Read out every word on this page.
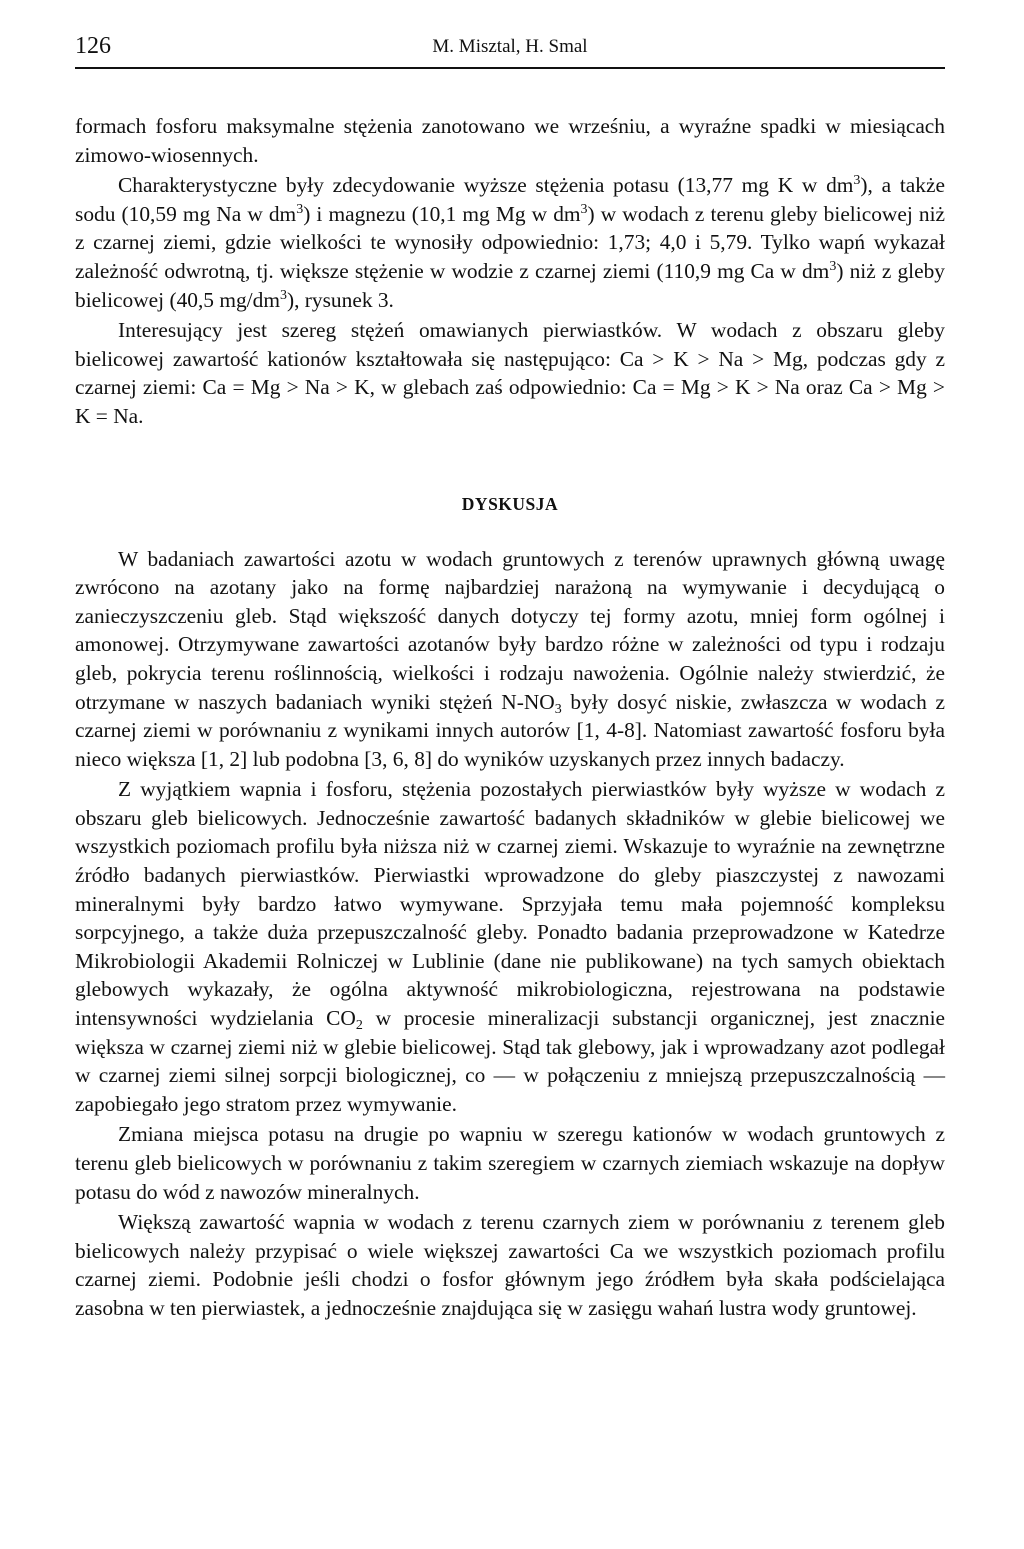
126	M. Misztal, H. Smal

formach fosforu maksymalne stężenia zanotowano we wrześniu, a wyraźne spadki w miesiącach zimowo-wiosennych.

Charakterystyczne były zdecydowanie wyższe stężenia potasu (13,77 mg K w $dm^3$), a także sodu (10,59 mg Na w $dm^3$) i magnezu (10,1 mg Mg w $dm^3$) w wodach z terenu gleby bielicowej niż z czarnej ziemi, gdzie wielkości te wynosiły odpowiednio: 1,73; 4,0 i 5,79. Tylko wapń wykazał zależność odwrotną, tj. większe stężenie w wodzie z czarnej ziemi (110,9 mg Ca w $dm^3$) niż z gleby bielicowej (40,5 $mg/dm^3$), rysunek 3.

Interesujący jest szereg stężeń omawianych pierwiastków. W wodach z obszaru gleby bielicowej zawartość kationów kształtowała się następująco: Ca > K > Na > Mg, podczas gdy z czarnej ziemi: Ca = Mg > Na > K, w glebach zaś odpowiednio: Ca = Mg > K > Na oraz Ca > Mg > K = Na.

DYSKUSJA

W badaniach zawartości azotu w wodach gruntowych z terenów uprawnych główną uwagę zwrócono na azotany jako na formę najbardziej narażoną na wymywanie i decydującą o zanieczyszczeniu gleb. Stąd większość danych dotyczy tej formy azotu, mniej form ogólnej i amonowej. Otrzymywane zawartości azotanów były bardzo różne w zależności od typu i rodzaju gleb, pokrycia terenu roślinnością, wielkości i rodzaju nawożenia. Ogólnie należy stwierdzić, że otrzymane w naszych badaniach wyniki stężeń $N-NO_3$ były dosyć niskie, zwłaszcza w wodach z czarnej ziemi w porównaniu z wynikami innych autorów [1, 4-8]. Natomiast zawartość fosforu była nieco większa [1, 2] lub podobna [3, 6, 8] do wyników uzyskanych przez innych badaczy.

Z wyjątkiem wapnia i fosforu, stężenia pozostałych pierwiastków były wyższe w wodach z obszaru gleb bielicowych. Jednocześnie zawartość badanych składników w glebie bielicowej we wszystkich poziomach profilu była niższa niż w czarnej ziemi. Wskazuje to wyraźnie na zewnętrzne źródło badanych pierwiastków. Pierwiastki wprowadzone do gleby piaszczystej z nawozami mineralnymi były bardzo łatwo wymywane. Sprzyjała temu mała pojemność kompleksu sorpcyjnego, a także duża przepuszczalność gleby. Ponadto badania przeprowadzone w Katedrze Mikrobiologii Akademii Rolniczej w Lublinie (dane nie publikowane) na tych samych obiektach glebowych wykazały, że ogólna aktywność mikrobiologiczna, rejestrowana na podstawie intensywności wydzielania $CO_2$ w procesie mineralizacji substancji organicznej, jest znacznie większa w czarnej ziemi niż w glebie bielicowej. Stąd tak glebowy, jak i wprowadzany azot podlegał w czarnej ziemi silnej sorpcji biologicznej, co — w połączeniu z mniejszą przepuszczalnością — zapobiegało jego stratom przez wymywanie.

Zmiana miejsca potasu na drugie po wapniu w szeregu kationów w wodach gruntowych z terenu gleb bielicowych w porównaniu z takim szeregiem w czarnych ziemiach wskazuje na dopływ potasu do wód z nawozów mineralnych.

Większą zawartość wapnia w wodach z terenu czarnych ziem w porównaniu z terenem gleb bielicowych należy przypisać o wiele większej zawartości Ca we wszystkich poziomach profilu czarnej ziemi. Podobnie jeśli chodzi o fosfor głównym jego źródłem była skała podścielająca zasobna w ten pierwiastek, a jednocześnie znajdująca się w zasięgu wahań lustra wody gruntowej.
